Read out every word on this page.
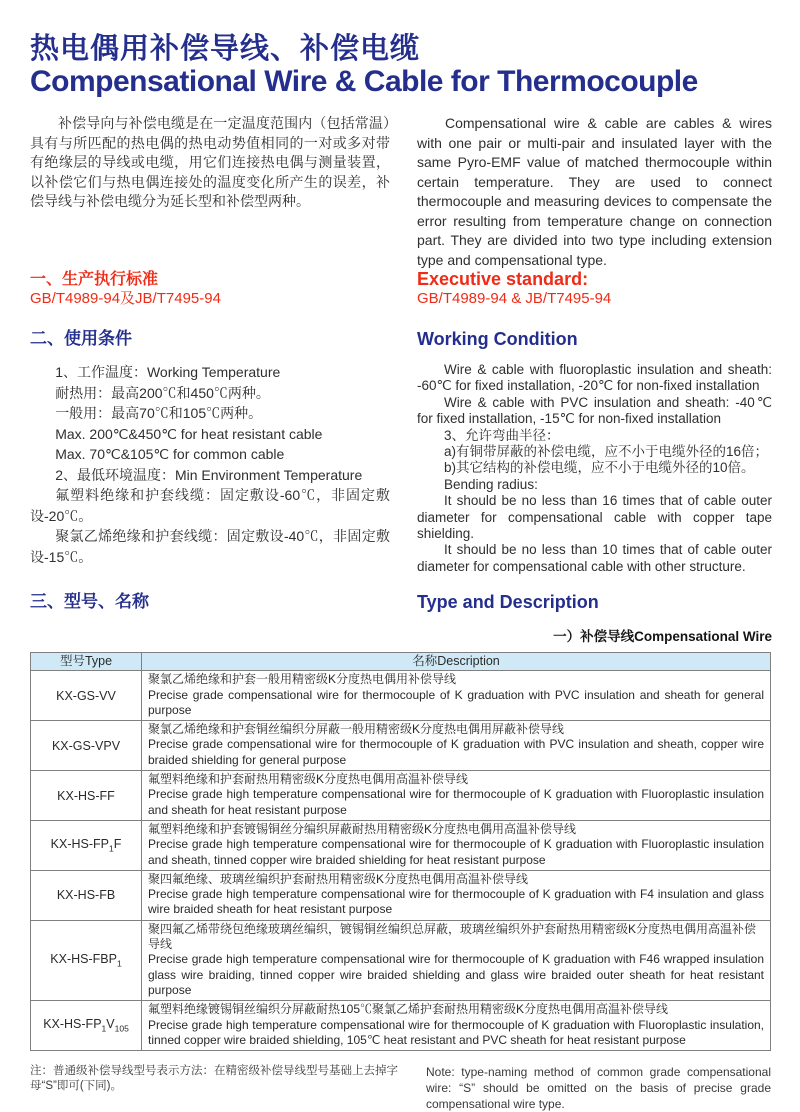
热电偶用补偿导线、补偿电缆
Compensational Wire & Cable for Thermocouple

补偿导向与补偿电缆是在一定温度范围内（包括常温）具有与所匹配的热电偶的热电动势值相同的一对或多对带有绝缘层的导线或电缆，用它们连接热电偶与测量装置，以补偿它们与热电偶连接处的温度变化所产生的误差，补偿导线与补偿电缆分为延长型和补偿型两种。

Compensational wire & cable are cables & wires with one pair or multi-pair and insulated layer with the same Pyro-EMF value of matched thermocouple within certain temperature. They are used to connect thermocouple and measuring devices to compensate the error resulting from temperature change on connection part. They are divided into two type including extension type and compensational type.

一、生产执行标准

GB/T4989-94及JB/T7495-94

Executive standard:

GB/T4989-94 & JB/T7495-94

二、使用条件	Working Condition

1、工作温度：Working Temperature

耐热用：最高200℃和450℃两种。

一般用：最高70℃和105℃两种。

Max. 200℃&450℃ for heat resistant cable

Max. 70℃&105℃ for common cable

2、最低环境温度：Min Environment Temperature

氟塑料绝缘和护套线缆：固定敷设-60℃，非固定敷设-20℃。

聚氯乙烯绝缘和护套线缆：固定敷设-40℃，非固定敷设-15℃。

Wire & cable with fluoroplastic insulation and sheath: -60℃ for fixed installation, -20℃ for non-fixed installation

Wire & cable with PVC insulation and sheath: -40℃ for fixed installation, -15℃ for non-fixed installation

3、允许弯曲半径：

a)有铜带屏蔽的补偿电缆，应不小于电缆外径的16倍；

b)其它结构的补偿电缆，应不小于电缆外径的10倍。

Bending radius:

It should be no less than 16 times that of cable outer diameter for compensational cable with copper tape shielding.

It should be no less than 10 times that of cable outer diameter for compensational cable with other structure.

三、型号、名称	Type and Description

一）补偿导线Compensational Wire

型号Type	名称Description
KX-GS-VV	聚氯乙烯绝缘和护套一般用精密级K分度热电偶用补偿导线
Precise grade compensational wire for thermocouple of K graduation with PVC insulation and sheath for general purpose

KX-GS-VPV	聚氯乙烯绝缘和护套铜丝编织分屏蔽一般用精密级K分度热电偶用屏蔽补偿导线
Precise grade compensational wire for thermocouple of K graduation with PVC insulation and sheath, copper wire braided shielding for general purpose

KX-HS-FF	氟塑料绝缘和护套耐热用精密级K分度热电偶用高温补偿导线
Precise grade high temperature compensational wire for thermocouple of K graduation with Fluoroplastic insulation and sheath for heat resistant purpose

$KX-HS-FP_1F$	氟塑料绝缘和护套镀锡铜丝分编织屏蔽耐热用精密级K分度热电偶用高温补偿导线
Precise grade high temperature compensational wire for thermocouple of K graduation with Fluoroplastic insulation and sheath, tinned copper wire braided shielding for heat resistant purpose

KX-HS-FB	聚四氟绝缘、玻璃丝编织护套耐热用精密级K分度热电偶用高温补偿导线
Precise grade high temperature compensational wire for thermocouple of K graduation with F4 insulation and glass wire braided sheath for heat resistant purpose

$KX-HS-FBP_1$	聚四氟乙烯带绕包绝缘玻璃丝编织，镀锡铜丝编织总屏蔽，玻璃丝编织外护套耐热用精密级K分度热电偶用高温补偿导线
Precise grade high temperature compensational wire for thermocouple of K graduation with F46 wrapped insulation glass wire braiding, tinned copper wire braided shielding and glass wire braided outer sheath for heat resistant purpose

$KX-HS-FP_1V_{105}$	氟塑料绝缘镀锡铜丝编织分屏蔽耐热105℃聚氯乙烯护套耐热用精密级K分度热电偶用高温补偿导线
Precise grade high temperature compensational wire for thermocouple of K graduation with Fluoroplastic insulation, tinned copper wire braided shielding, 105℃ heat resistant and PVC sheath for heat resistant purpose

注：普通级补偿导线型号表示方法：在精密级补偿导线型号基础上去掉字母“S”即可(下同)。

Note: type-naming method of common grade compensational wire: “S” should be omitted on the basis of precise grade compensational wire type.
